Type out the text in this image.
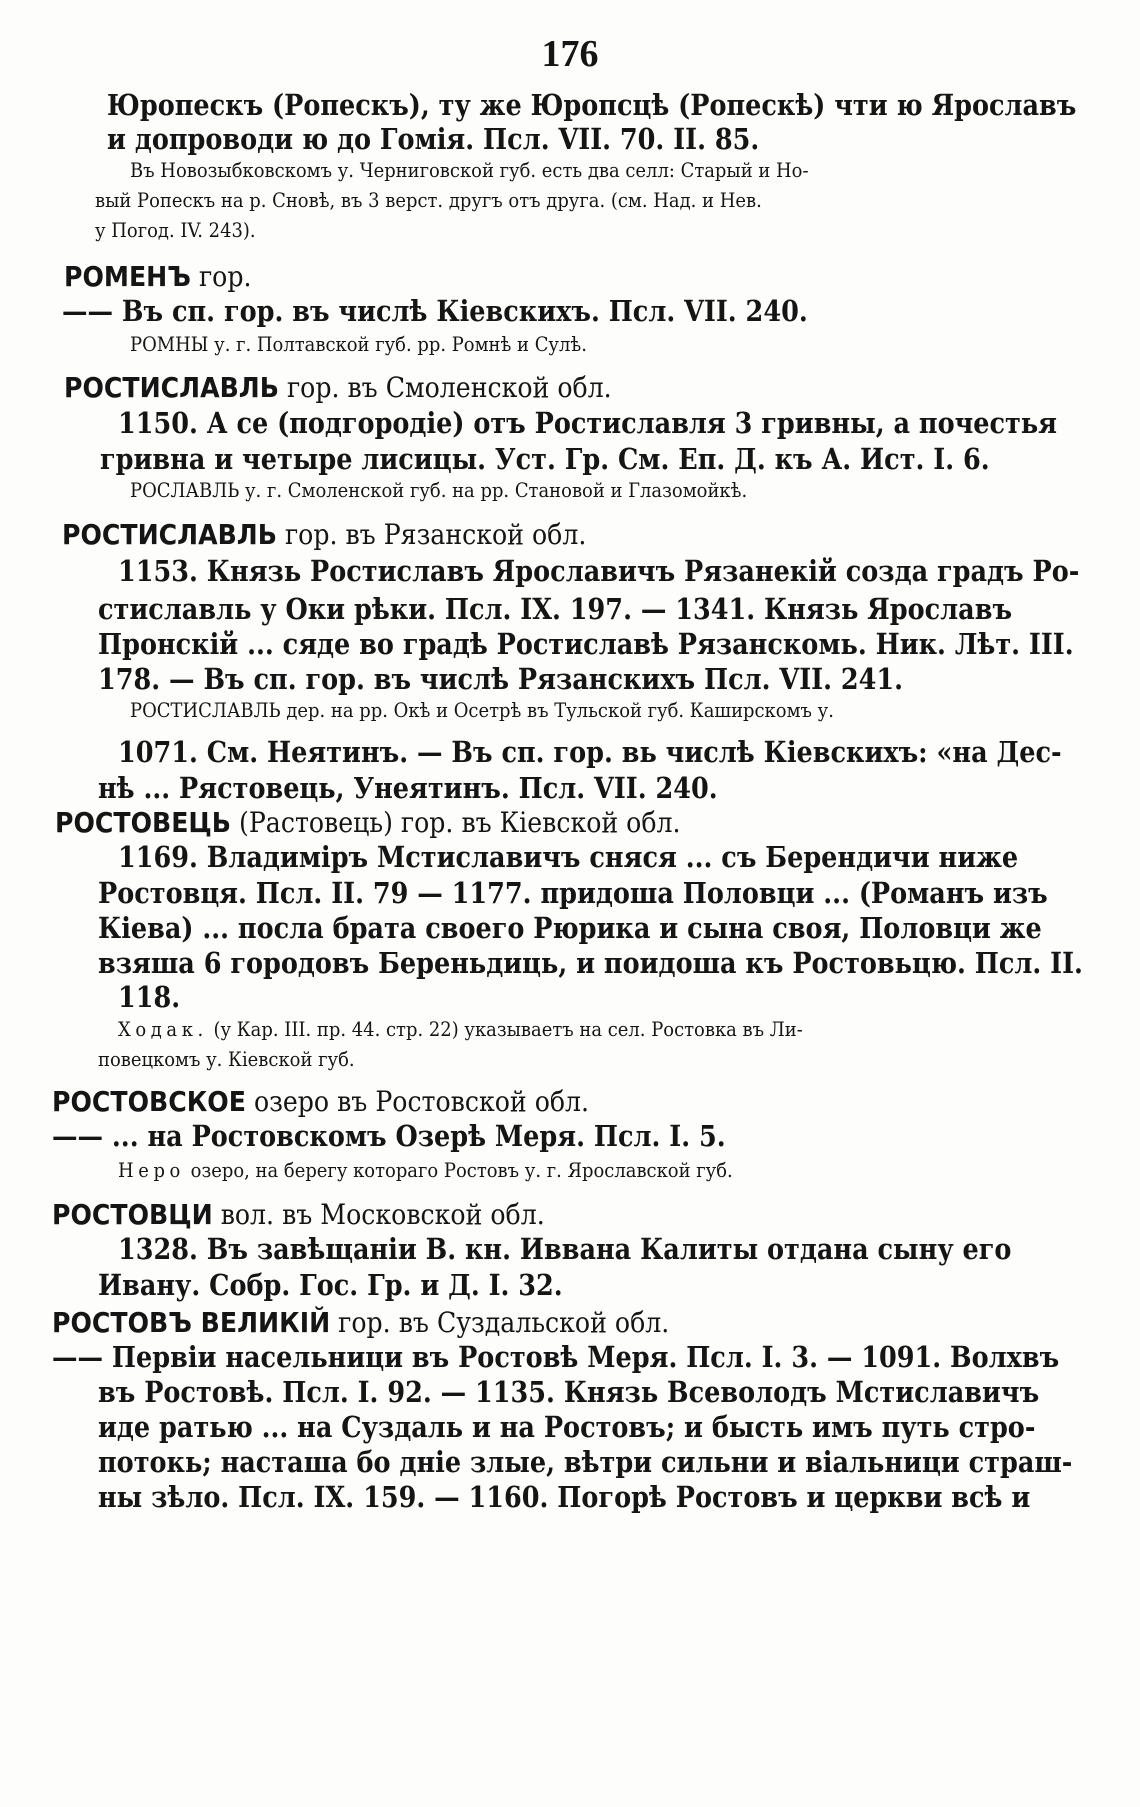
176
Юропескъ (Ропескъ), ту же Юропсцѣ (Ропескѣ) чти ю Ярославъ
и допроводи ю до Гомія. Псл. VII. 70. II. 85.
Въ Новозыбковскомъ у. Черниговской губ. есть два селл: Старый и Но-
вый Ропескъ на р. Сновѣ, въ 3 верст. другъ отъ друга. (см. Над. и Нев.
у Погод. IV. 243).
РОМЕНЪ гор.
—— Въ сп. гор. въ числѣ Кіевскихъ. Псл. VII. 240.
РОМНЫ у. г. Полтавской губ. рр. Ромнѣ и Сулѣ.
РОСТИСЛАВЛЬ гор. въ Смоленской обл.
1150. А се (подгородіе) отъ Ростиславля 3 гривны, а почестья
гривна и четыре лисицы. Уст. Гр. См. Еп. Д. къ А. Ист. I. 6.
РОСЛАВЛЬ у. г. Смоленской губ. на рр. Становой и Глазомойкѣ.
РОСТИСЛАВЛЬ гор. въ Рязанской обл.
1153. Князь Ростиславъ Ярославичъ Рязанекій созда градъ Ро-
стиславль у Оки рѣки. Псл. IX. 197. — 1341. Князь Ярославъ
Пронскій ... сяде во градѣ Ростиславѣ Рязанскомь. Ник. Лѣт. III.
178. — Въ сп. гор. въ числѣ Рязанскихъ Псл. VII. 241.
РОСТИСЛАВЛЬ дер. на рр. Окѣ и Осетрѣ въ Тульской губ. Каширскомъ у.
1071. См. Неятинъ. — Въ сп. гор. вь числѣ Кіевскихъ: «на Дес-
нѣ ... Рястовець, Унеятинъ. Псл. VII. 240.
РОСТОВЕЦЬ (Растовець) гор. въ Кіевской обл.
1169. Владиміръ Мстиславичъ сняся ... съ Берендичи ниже
Ростовця. Псл. II. 79 — 1177. придоша Половци ... (Романъ изъ
Кіева) ... посла брата своего Рюрика и сына своя, Половци же
взяша 6 городовъ Береньдиць, и поидоша къ Ростовьцю. Псл. II.
118.
Ходак. (у Кар. III. пр. 44. стр. 22) указываетъ на сел. Ростовка въ Ли-
повецкомъ у. Кіевской губ.
РОСТОВСКОЕ озеро въ Ростовской обл.
—— ... на Ростовскомъ Озерѣ Меря. Псл. I. 5.
Неро озеро, на берегу котораго Ростовъ у. г. Ярославской губ.
РОСТОВЦИ вол. въ Московской обл.
1328. Въ завѣщаніи В. кн. Иввана Калиты отдана сыну его
Ивану. Собр. Гос. Гр. и Д. I. 32.
РОСТОВЪ ВЕЛИКІЙ гор. въ Суздальской обл.
—— Первіи насельници въ Ростовѣ Меря. Псл. I. 3. — 1091. Волхвъ
въ Ростовѣ. Псл. I. 92. — 1135. Князь Всеволодъ Мстиславичъ
иде ратью ... на Суздаль и на Ростовъ; и бысть имъ путь стро-
потокь; насташа бо дніе злые, вѣтри сильни и віальници страш-
ны зѣло. Псл. IX. 159. — 1160. Погорѣ Ростовъ и церкви всѣ и
